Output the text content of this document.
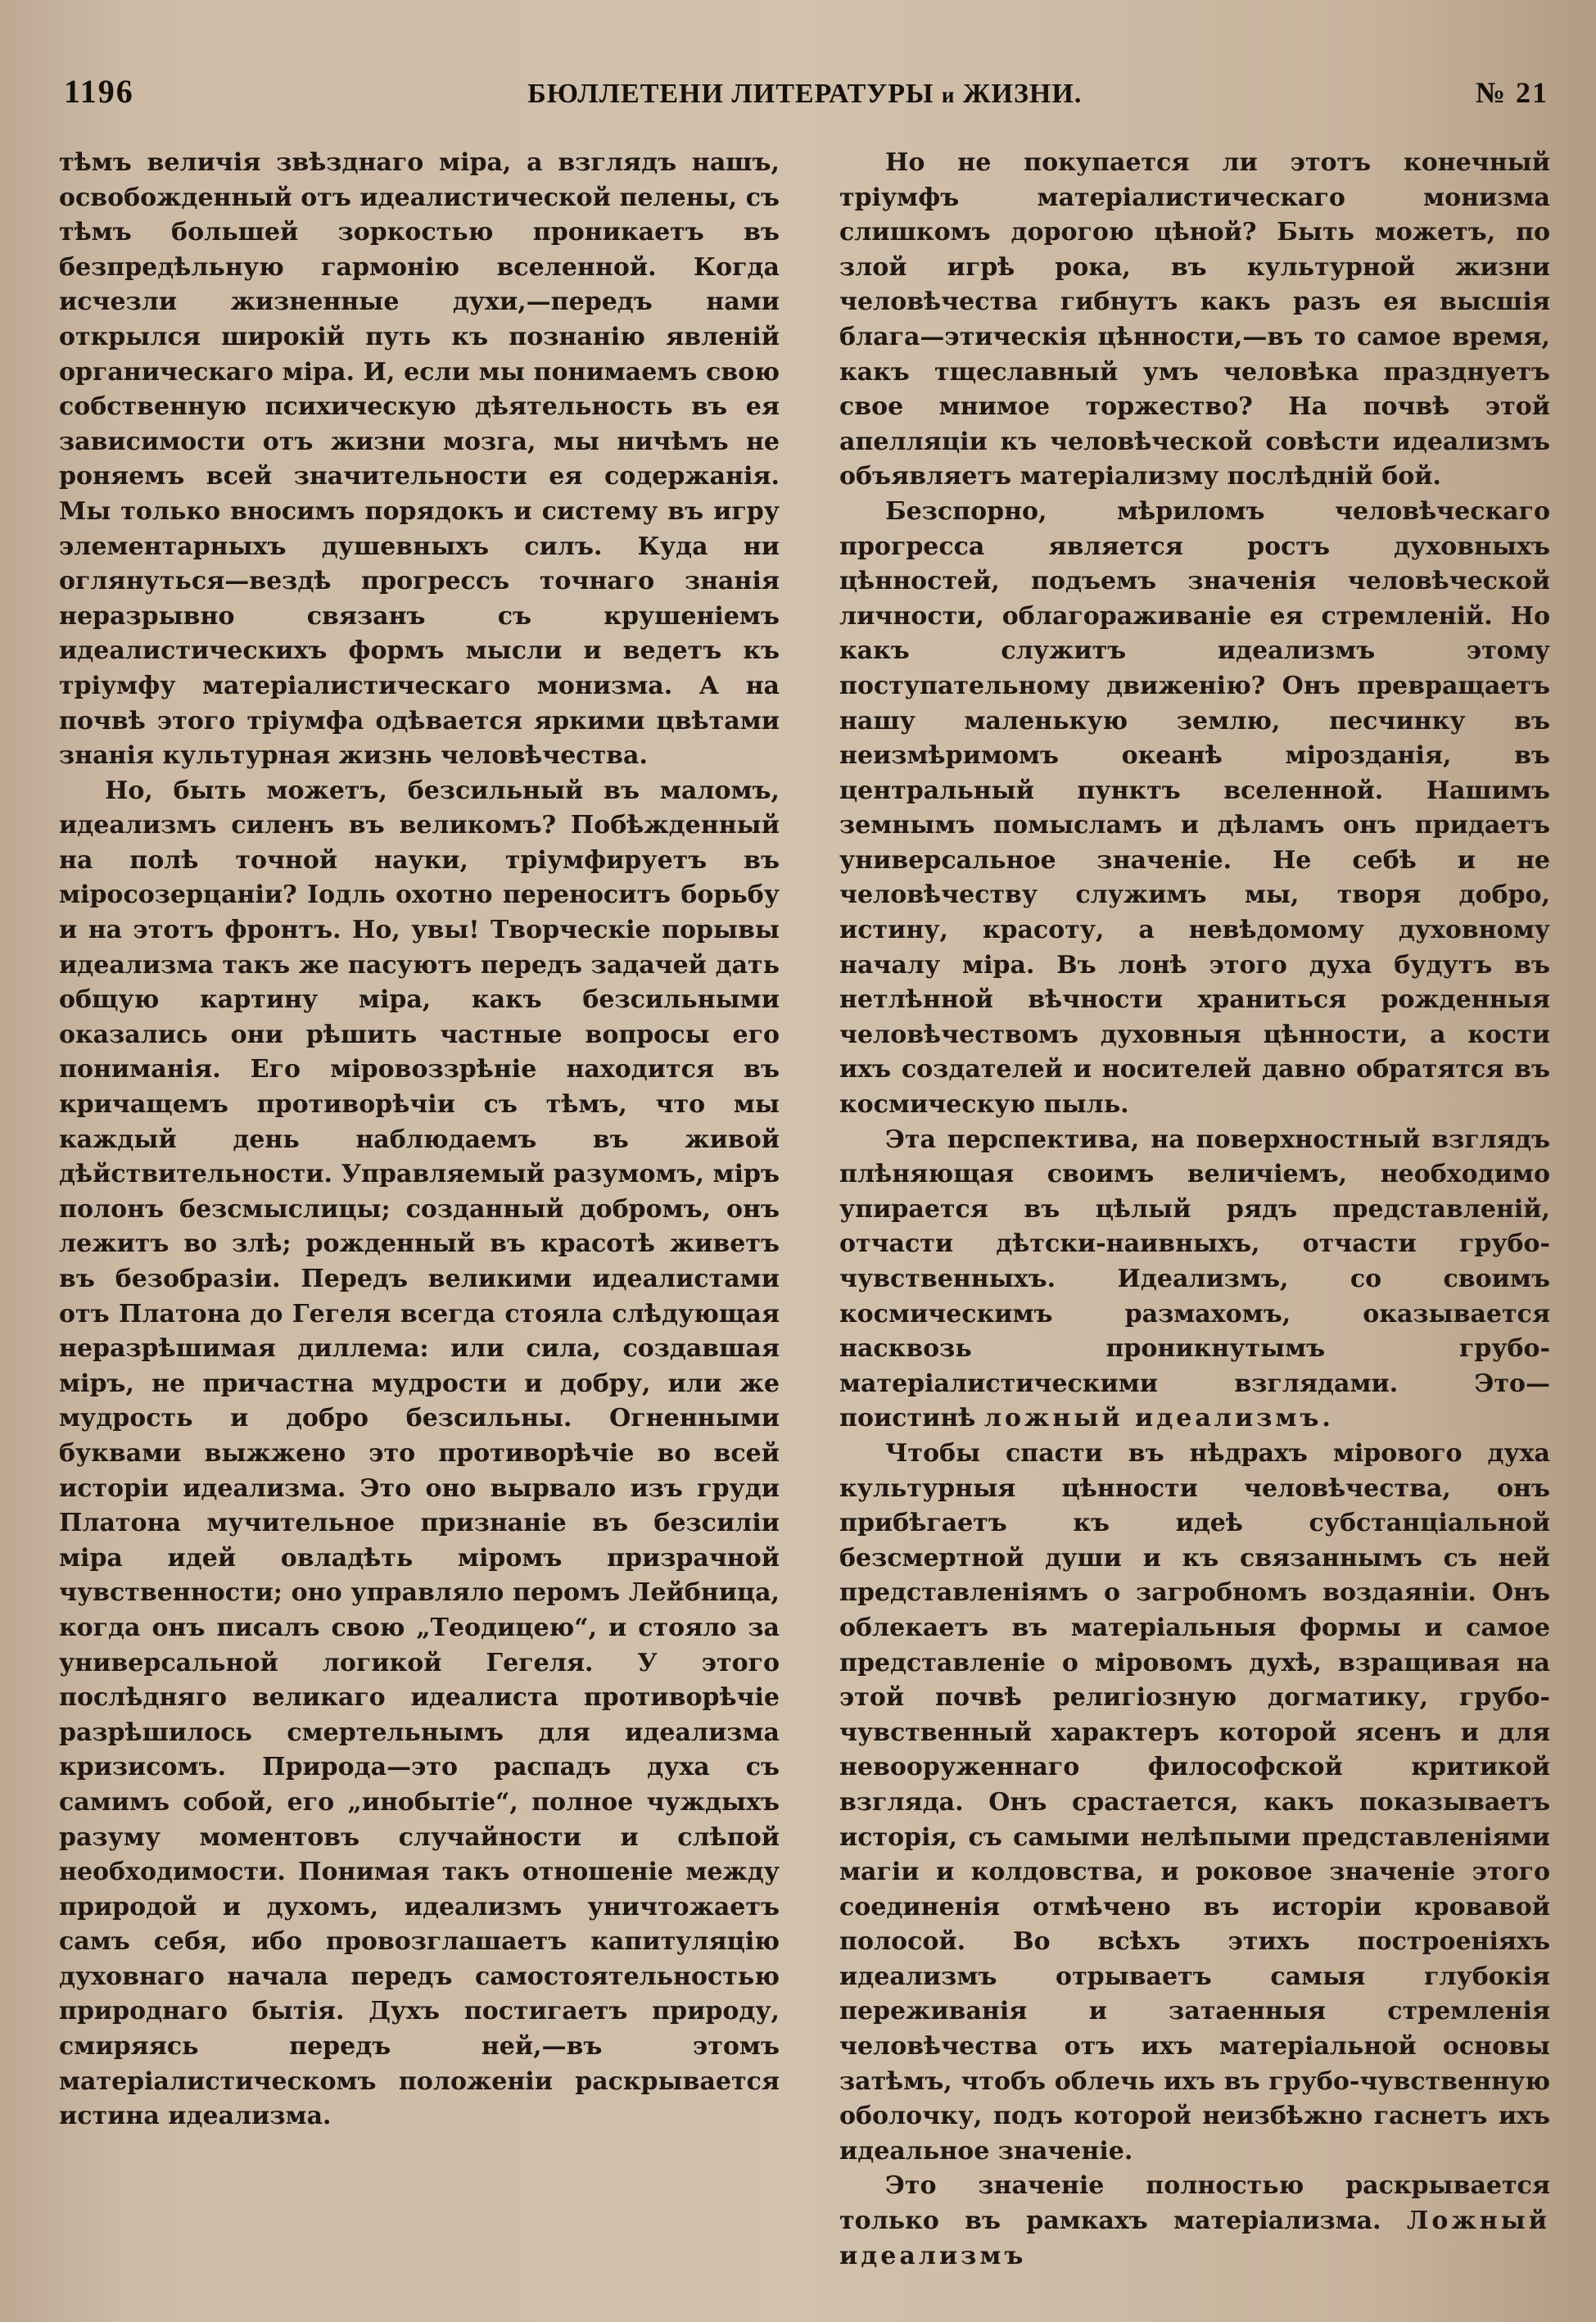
1196	БЮЛЛЕТЕНИ ЛИТЕРАТУРЫ и ЖИЗНИ.	№ 21

тѣмъ величія звѣзднаго міра, а взглядъ нашъ, освобожденный отъ идеалистической пелены, съ тѣмъ большей зоркостью проникаетъ въ безпредѣльную гармонію вселенной. Когда исчезли жизненные духи,—передъ нами открылся широкій путь къ познанію явленій органическаго міра. И, если мы понимаемъ свою собственную психическую дѣятельность въ ея зависимости отъ жизни мозга, мы ничѣмъ не роняемъ всей значительности ея содержанія. Мы только вносимъ порядокъ и систему въ игру элементарныхъ душевныхъ силъ. Куда ни оглянуться—вездѣ прогрессъ точнаго знанія неразрывно связанъ съ крушеніемъ идеалистическихъ формъ мысли и ведетъ къ тріумфу матеріалистическаго монизма. А на почвѣ этого тріумфа одѣвается яркими цвѣтами знанія культурная жизнь человѣчества.

Но, быть можетъ, безсильный въ маломъ, идеализмъ силенъ въ великомъ? Побѣжденный на полѣ точной науки, тріумфируетъ въ міросозерцаніи? Іодль охотно переноситъ борьбу и на этотъ фронтъ. Но, увы! Творческіе порывы идеализма такъ же пасуютъ передъ задачей дать общую картину міра, какъ безсильными оказались они рѣшить частные вопросы его пониманія. Его міровоззрѣніе находится въ кричащемъ противорѣчіи съ тѣмъ, что мы каждый день наблюдаемъ въ живой дѣйствительности. Управляемый разумомъ, міръ полонъ безсмыслицы; созданный добромъ, онъ лежитъ во злѣ; рожденный въ красотѣ живетъ въ безобразіи. Передъ великими идеалистами отъ Платона до Гегеля всегда стояла слѣдующая неразрѣшимая диллема: или сила, создавшая міръ, не причастна мудрости и добру, или же мудрость и добро безсильны. Огненными буквами выжжено это противорѣчіе во всей исторіи идеализма. Это оно вырвало изъ груди Платона мучительное признаніе въ безсиліи міра идей овладѣть міромъ призрачной чувственности; оно управляло перомъ Лейбница, когда онъ писалъ свою „Теодицею“, и стояло за универсальной логикой Гегеля. У этого послѣдняго великаго идеалиста противорѣчіе разрѣшилось смертельнымъ для идеализма кризисомъ. Природа—это распадъ духа съ самимъ собой, его „инобытіе“, полное чуждыхъ разуму моментовъ случайности и слѣпой необходимости. Понимая такъ отношеніе между природой и духомъ, идеализмъ уничтожаетъ самъ себя, ибо провозглашаетъ капитуляцію духовнаго начала передъ самостоятельностью природнаго бытія. Духъ постигаетъ природу, смиряясь передъ ней,—въ этомъ матеріалистическомъ положеніи раскрывается истина идеализма.

Но не покупается ли этотъ конечный тріумфъ матеріалистическаго монизма слишкомъ дорогою цѣной? Быть можетъ, по злой игрѣ рока, въ культурной жизни человѣчества гибнутъ какъ разъ ея высшія блага—этическія цѣнности,—въ то самое время, какъ тщеславный умъ человѣка празднуетъ свое мнимое торжество? На почвѣ этой апелляціи къ человѣческой совѣсти идеализмъ объявляетъ матеріализму послѣдній бой.

Безспорно, мѣриломъ человѣческаго прогресса является ростъ духовныхъ цѣнностей, подъемъ значенія человѣческой личности, облагораживаніе ея стремленій. Но какъ служитъ идеализмъ этому поступательному движенію? Онъ превращаетъ нашу маленькую землю, песчинку въ неизмѣримомъ океанѣ мірозданія, въ центральный пунктъ вселенной. Нашимъ земнымъ помысламъ и дѣламъ онъ придаетъ универсальное значеніе. Не себѣ и не человѣчеству служимъ мы, творя добро, истину, красоту, а невѣдомому духовному началу міра. Въ лонѣ этого духа будутъ въ нетлѣнной вѣчности храниться рожденныя человѣчествомъ духовныя цѣнности, а кости ихъ создателей и носителей давно обратятся въ космическую пыль.

Эта перспектива, на поверхностный взглядъ плѣняющая своимъ величіемъ, необходимо упирается въ цѣлый рядъ представленій, отчасти дѣтски-наивныхъ, отчасти грубо-чувственныхъ. Идеализмъ, со своимъ космическимъ размахомъ, оказывается насквозь проникнутымъ грубо-матеріалистическими взглядами. Это—поистинѣ ложный идеализмъ.

Чтобы спасти въ нѣдрахъ мірового духа культурныя цѣнности человѣчества, онъ прибѣгаетъ къ идеѣ субстанціальной безсмертной души и къ связаннымъ съ ней представленіямъ о загробномъ воздаяніи. Онъ облекаетъ въ матеріальныя формы и самое представленіе о міровомъ духѣ, взращивая на этой почвѣ религіозную догматику, грубо-чувственный характеръ которой ясенъ и для невооруженнаго философской критикой взгляда. Онъ срастается, какъ показываетъ исторія, съ самыми нелѣпыми представленіями магіи и колдовства, и роковое значеніе этого соединенія отмѣчено въ исторіи кровавой полосой. Во всѣхъ этихъ построеніяхъ идеализмъ отрываетъ самыя глубокія переживанія и затаенныя стремленія человѣчества отъ ихъ матеріальной основы затѣмъ, чтобъ облечь ихъ въ грубо-чувственную оболочку, подъ которой неизбѣжно гаснетъ ихъ идеальное значеніе.

Это значеніе полностью раскрывается только въ рамкахъ матеріализма. Ложный идеализмъ
